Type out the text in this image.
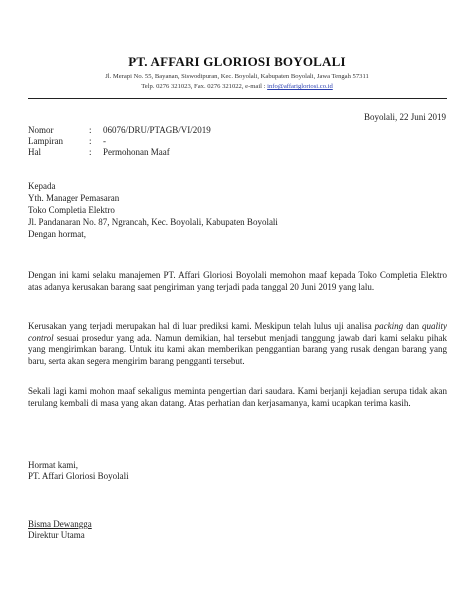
PT. AFFARI GLORIOSI BOYOLALI
Jl. Merapi No. 55, Bayanan, Siswodipuran, Kec. Boyolali, Kabupaten Boyolali, Jawa Tengah 57311
Telp. 0276 321023, Fax. 0276 321022, e-mail : info@affarigloriosi.co.id
Boyolali, 22 Juni 2019
Nomor	:	06076/DRU/PTAGB/VI/2019
Lampiran	:	-
Hal	:	Permohonan Maaf
Kepada
Yth. Manager Pemasaran
Toko Completia Elektro
Jl. Pandanaran No. 87, Ngrancah, Kec. Boyolali, Kabupaten Boyolali
Dengan hormat,
Dengan ini kami selaku manajemen PT. Affari Gloriosi Boyolali memohon maaf kepada Toko Completia Elektro atas adanya kerusakan barang saat pengiriman yang terjadi pada tanggal 20 Juni 2019 yang lalu.
Kerusakan yang terjadi merupakan hal di luar prediksi kami. Meskipun telah lulus uji analisa packing dan quality control sesuai prosedur yang ada. Namun demikian, hal tersebut menjadi tanggung jawab dari kami selaku pihak yang mengirimkan barang. Untuk itu kami akan memberikan penggantian barang yang rusak dengan barang yang baru, serta akan segera mengirim barang pengganti tersebut.
Sekali lagi kami mohon maaf sekaligus meminta pengertian dari saudara. Kami berjanji kejadian serupa tidak akan terulang kembali di masa yang akan datang. Atas perhatian dan kerjasamanya, kami ucapkan terima kasih.
Hormat kami,
PT. Affari Gloriosi Boyolali
Bisma Dewangga
Direktur Utama
